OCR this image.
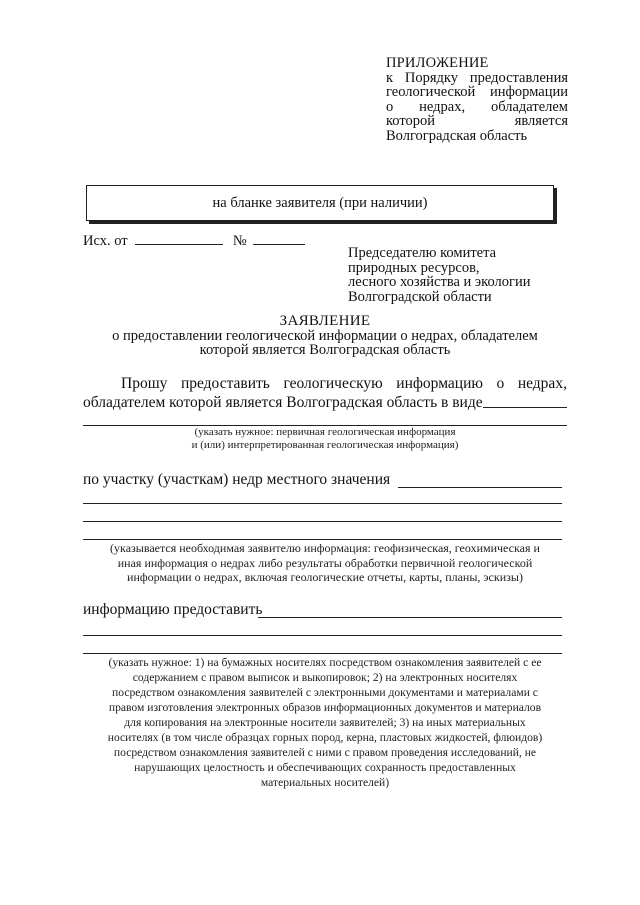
ПРИЛОЖЕНИЕ
к Порядку предоставления
геологической информации
о недрах, обладателем
которой является
Волгоградская область
на бланке заявителя (при наличии)
Исх. от	№
Председателю комитета
природных ресурсов,
лесного хозяйства и экологии
Волгоградской области
ЗАЯВЛЕНИЕ
о предоставлении геологической информации о недрах, обладателем
которой является Волгоградская область
Прошу предоставить геологическую информацию о недрах,
обладателем которой является Волгоградская область в виде
(указать нужное: первичная геологическая информация
и (или) интерпретированная геологическая информация)
по участку (участкам) недр местного значения
(указывается необходимая заявителю информация: геофизическая, геохимическая и
иная информация о недрах либо результаты обработки первичной геологической
информации о недрах, включая геологические отчеты, карты, планы, эскизы)
информацию предоставить
(указать нужное: 1) на бумажных носителях посредством ознакомления заявителей с ее
содержанием с правом выписок и выкопировок; 2) на электронных носителях
посредством ознакомления заявителей с электронными документами и материалами с
правом изготовления электронных образов информационных документов и материалов
для копирования на электронные носители заявителей; 3) на иных материальных
носителях (в том числе образцах горных пород, керна, пластовых жидкостей, флюидов)
посредством ознакомления заявителей с ними с правом проведения исследований, не
нарушающих целостность и обеспечивающих сохранность предоставленных
материальных носителей)
